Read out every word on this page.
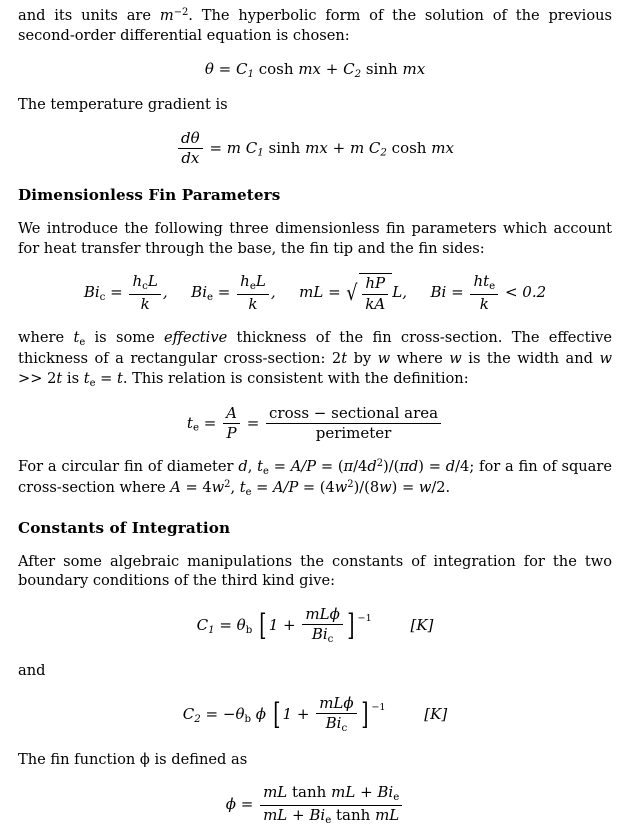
and its units are $m^{-2}$. The hyperbolic form of the solution of the previous second-order differential equation is chosen:

$\theta = C_1$ cosh mx + $C_2$ sinh mx

The temperature gradient is

$\frac{d\theta}{dx} = m$ $C_1$ sinh mx + m $C_2$ cosh mx
Dimensionless Fin Parameters

We introduce the following three dimensionless fin parameters which account for heat transfer through the base, the fin tip and the fin sides:

$Bi_c = \frac{h_cL}{k}$ ,  $Bi_e = \frac{h_eL}{k}$ ,  mL = √ $\frac{hP}{kA} L$,  $Bi = \frac{ht_e}{k} < 0.2$

where $t_e$ is some effective thickness of the fin cross-section. The effective thickness of a rectangular cross-section: 2t by w where w is the width and w >> 2t is $t_e = t$. This relation is consistent with the definition:

$t_e = \frac{A}{P} = \frac{\text{cross − sectional area}}{\text{perimeter}}$

For a circular fin of diameter d, $t_e = A/P = (\pi/4d^2)/(\pi d) = d/4$; for a fin of square cross-section where $A = 4w^2$, $t_e = A/P = (4w^2)/(8w) = w/2$.

Constants of Integration

After some algebraic manipulations the constants of integration for the two boundary conditions of the third kind give:

$C_1 = \theta_b$ [ $1 + \frac{\text{mLϕ}}{Bi_c}$ ] −1	[K]

and

$C_2 = -\theta_b$ ϕ [ $1 + \frac{\text{mLϕ}}{Bi_c}$ ] −1	[K]

The fin function ϕ is defined as

$\phi = \frac{mL \tanh mL + Bi_e}{mL + Bi_e \tanh mL}$
